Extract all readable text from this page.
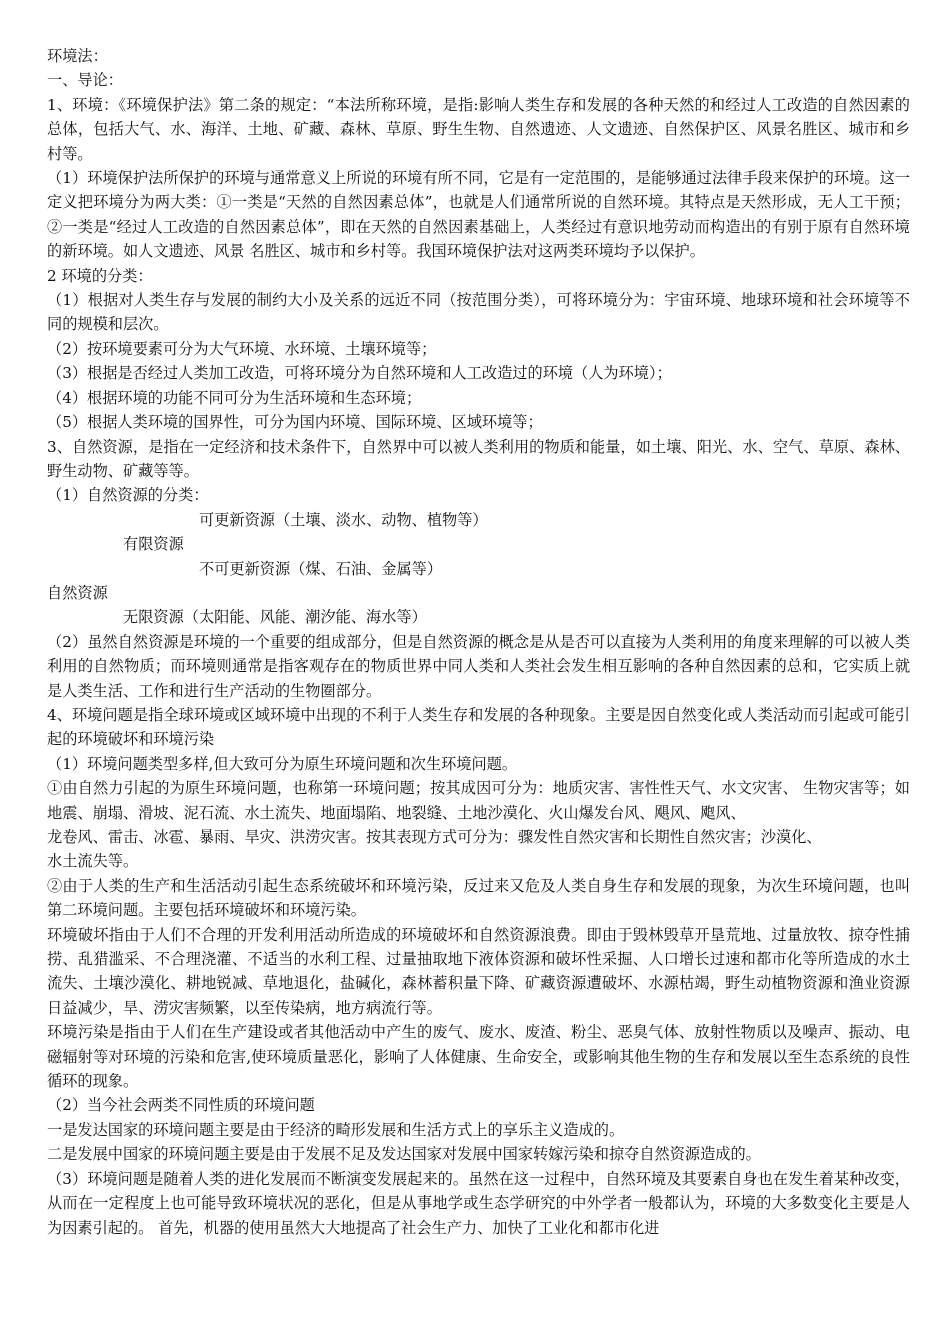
环境法：

一、导论：

1、环境：《环境保护法》第二条的规定：“本法所称环境，是指:影响人类生存和发展的各种天然的和经过人工改造的自然因素的总体，包括大气、水、海洋、土地、矿藏、森林、草原、野生生物、自然遗迹、人文遗迹、自然保护区、风景名胜区、城市和乡村等。

（1）环境保护法所保护的环境与通常意义上所说的环境有所不同，它是有一定范围的，是能够通过法律手段来保护的环境。这一定义把环境分为两大类：①一类是“天然的自然因素总体”，也就是人们通常所说的自然环境。其特点是天然形成，无人工干预；②一类是“经过人工改造的自然因素总体”，即在天然的自然因素基础上，人类经过有意识地劳动而构造出的有别于原有自然环境的新环境。如人文遗迹、风景 名胜区、城市和乡村等。我国环境保护法对这两类环境均予以保护。

2 环境的分类：

（1）根据对人类生存与发展的制约大小及关系的远近不同（按范围分类），可将环境分为：宇宙环境、地球环境和社会环境等不同的规模和层次。

（2）按环境要素可分为大气环境、水环境、土壤环境等；

（3）根据是否经过人类加工改造，可将环境分为自然环境和人工改造过的环境（人为环境）；

（4）根据环境的功能不同可分为生活环境和生态环境；

（5）根据人类环境的国界性，可分为国内环境、国际环境、区域环境等；

3、自然资源，是指在一定经济和技术条件下，自然界中可以被人类利用的物质和能量，如土壤、阳光、水、空气、草原、森林、野生动物、矿藏等等。

（1）自然资源的分类：

可更新资源（土壤、淡水、动物、植物等）

有限资源

不可更新资源（煤、石油、金属等）

自然资源

无限资源（太阳能、风能、潮汐能、海水等）

（2）虽然自然资源是环境的一个重要的组成部分，但是自然资源的概念是从是否可以直接为人类利用的角度来理解的可以被人类利用的自然物质；而环境则通常是指客观存在的物质世界中同人类和人类社会发生相互影响的各种自然因素的总和，它实质上就是人类生活、工作和进行生产活动的生物圈部分。

4、环境问题是指全球环境或区域环境中出现的不利于人类生存和发展的各种现象。主要是因自然变化或人类活动而引起或可能引起的环境破坏和环境污染

（1）环境问题类型多样,但大致可分为原生环境问题和次生环境问题。

①由自然力引起的为原生环境问题，也称第一环境问题；按其成因可分为：地质灾害、害性性天气、水文灾害、 生物灾害等；如地震、崩塌、滑坡、泥石流、水土流失、地面塌陷、地裂缝、土地沙漠化、火山爆发台风、飓风、飑风、

龙卷风、雷击、冰雹、暴雨、旱灾、洪涝灾害。按其表现方式可分为：骤发性自然灾害和长期性自然灾害；沙漠化、

水土流失等。

②由于人类的生产和生活活动引起生态系统破坏和环境污染，反过来又危及人类自身生存和发展的现象，为次生环境问题，也叫第二环境问题。主要包括环境破坏和环境污染。

环境破坏指由于人们不合理的开发利用活动所造成的环境破坏和自然资源浪费。即由于毁林毁草开垦荒地、过量放牧、掠夺性捕捞、乱猎滥采、不合理浇灌、不适当的水利工程、过量抽取地下液体资源和破坏性采掘、人口增长过速和都市化等所造成的水土流失、土壤沙漠化、耕地锐减、草地退化，盐碱化，森林蓄积量下降、矿藏资源遭破坏、水源枯竭，野生动植物资源和渔业资源日益减少，旱、涝灾害频繁，以至传染病，地方病流行等。

环境污染是指由于人们在生产建设或者其他活动中产生的废气、废水、废渣、粉尘、恶臭气体、放射性物质以及噪声、振动、电磁辐射等对环境的污染和危害,使环境质量恶化，影响了人体健康、生命安全，或影响其他生物的生存和发展以至生态系统的良性循环的现象。

（2）当今社会两类不同性质的环境问题

一是发达国家的环境问题主要是由于经济的畸形发展和生活方式上的享乐主义造成的。

二是发展中国家的环境问题主要是由于发展不足及发达国家对发展中国家转嫁污染和掠夺自然资源造成的。

（3）环境问题是随着人类的进化发展而不断演变发展起来的。虽然在这一过程中，自然环境及其要素自身也在发生着某种改变，从而在一定程度上也可能导致环境状况的恶化，但是从事地学或生态学研究的中外学者一般都认为，环境的大多数变化主要是人为因素引起的。 首先，机器的使用虽然大大地提高了社会生产力、加快了工业化和都市化进
